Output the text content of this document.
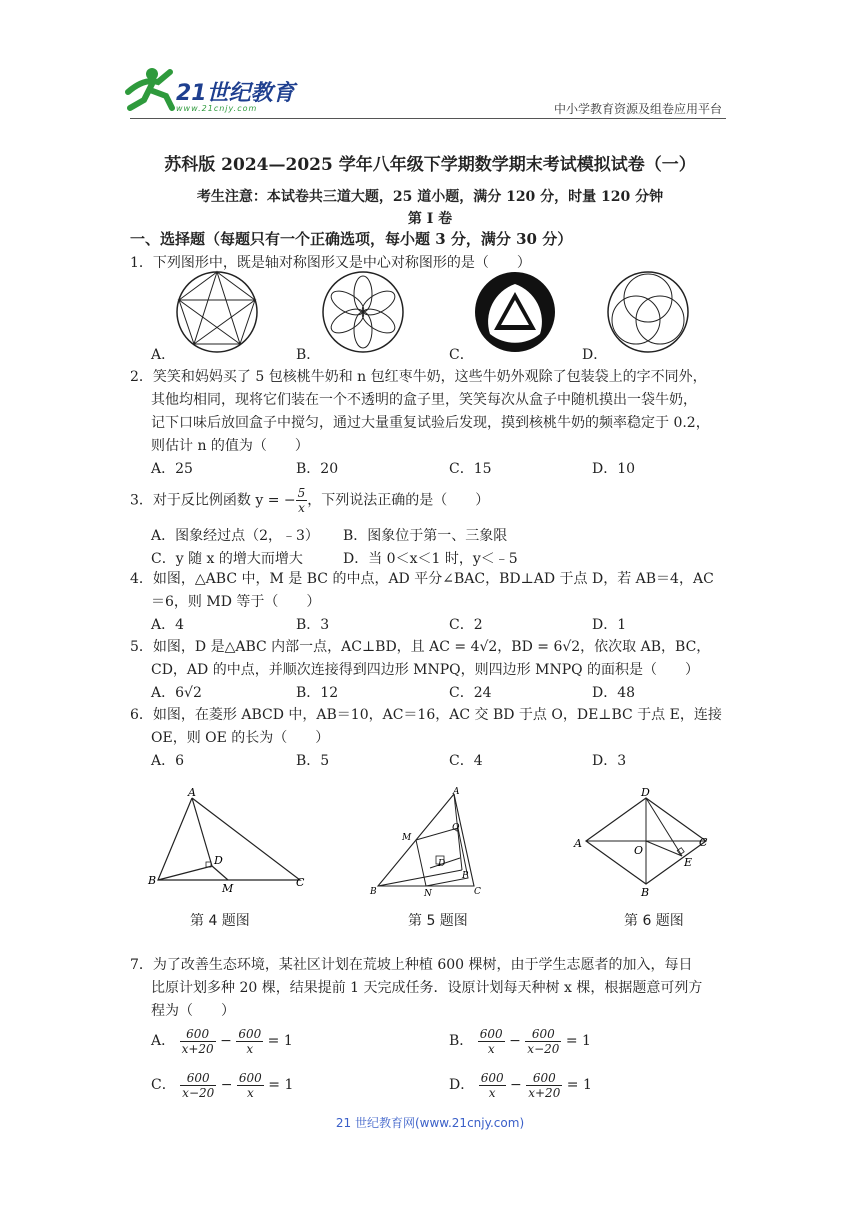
21世纪教育
www.21cnjy.com	中小学教育资源及组卷应用平台
苏科版 2024—2025 学年八年级下学期数学期末考试模拟试卷（一）
考生注意：本试卷共三道大题，25 道小题，满分 120 分，时量 120 分钟
第 I 卷
一、选择题（每题只有一个正确选项，每小题 3 分，满分 30 分）
1．下列图形中，既是轴对称图形又是中心对称图形的是（　　）
A．	B．	C．	D．
2．笑笑和妈妈买了 5 包核桃牛奶和 n 包红枣牛奶，这些牛奶外观除了包装袋上的字不同外，
其他均相同，现将它们装在一个不透明的盒子里，笑笑每次从盒子中随机摸出一袋牛奶，
记下口味后放回盒子中搅匀，通过大量重复试验后发现，摸到核桃牛奶的频率稳定于 0.2，
则估计 n 的值为（　　）
A．25	B．20	C．15	D．10
3．对于反比例函数 y = − $\frac{5}{x}$ ，下列说法正确的是（　　）
A．图象经过点（2，﹣3） B．图象位于第一、三象限
C．y 随 x 的增大而增大	D．当 0＜x＜1 时，y＜﹣5
4．如图，△ABC 中，M 是 BC 的中点，AD 平分∠BAC，BD⊥AD 于点 D，若 AB＝4，AC
＝6，则 MD 等于（　　）
A．4	B．3	C．2	D．1
5．如图，D 是△ABC 内部一点，AC⊥BD，且 AC = 4√2，BD = 6√2，依次取 AB，BC，
CD，AD 的中点，并顺次连接得到四边形 MNPQ，则四边形 MNPQ 的面积是（　　）
A．6√2	B．12	C．24	D．48
6．如图，在菱形 ABCD 中，AB＝10，AC＝16，AC 交 BD 于点 O，DE⊥BC 于点 E，连接
OE，则 OE 的长为（　　）
A．6	B．5	C．4	D．3
A
B	C
D
M
第 4 题图
A
B	C
D
M
N
P
Q
第 5 题图
D
A	C
B
O
E
第 6 题图
7．为了改善生态环境，某社区计划在荒坡上种植 600 棵树，由于学生志愿者的加入，每日
比原计划多种 20 棵，结果提前 1 天完成任务．设原计划每天种树 x 棵，根据题意可列方
程为（　　）
A． $\frac{600}{x+20} - \frac{600}{x} = 1$	B． $\frac{600}{x} - \frac{600}{x-20} = 1$
C． $\frac{600}{x-20} - \frac{600}{x} = 1$	D． $\frac{600}{x} - \frac{600}{x+20} = 1$
21 世纪教育网(www.21cnjy.com)
